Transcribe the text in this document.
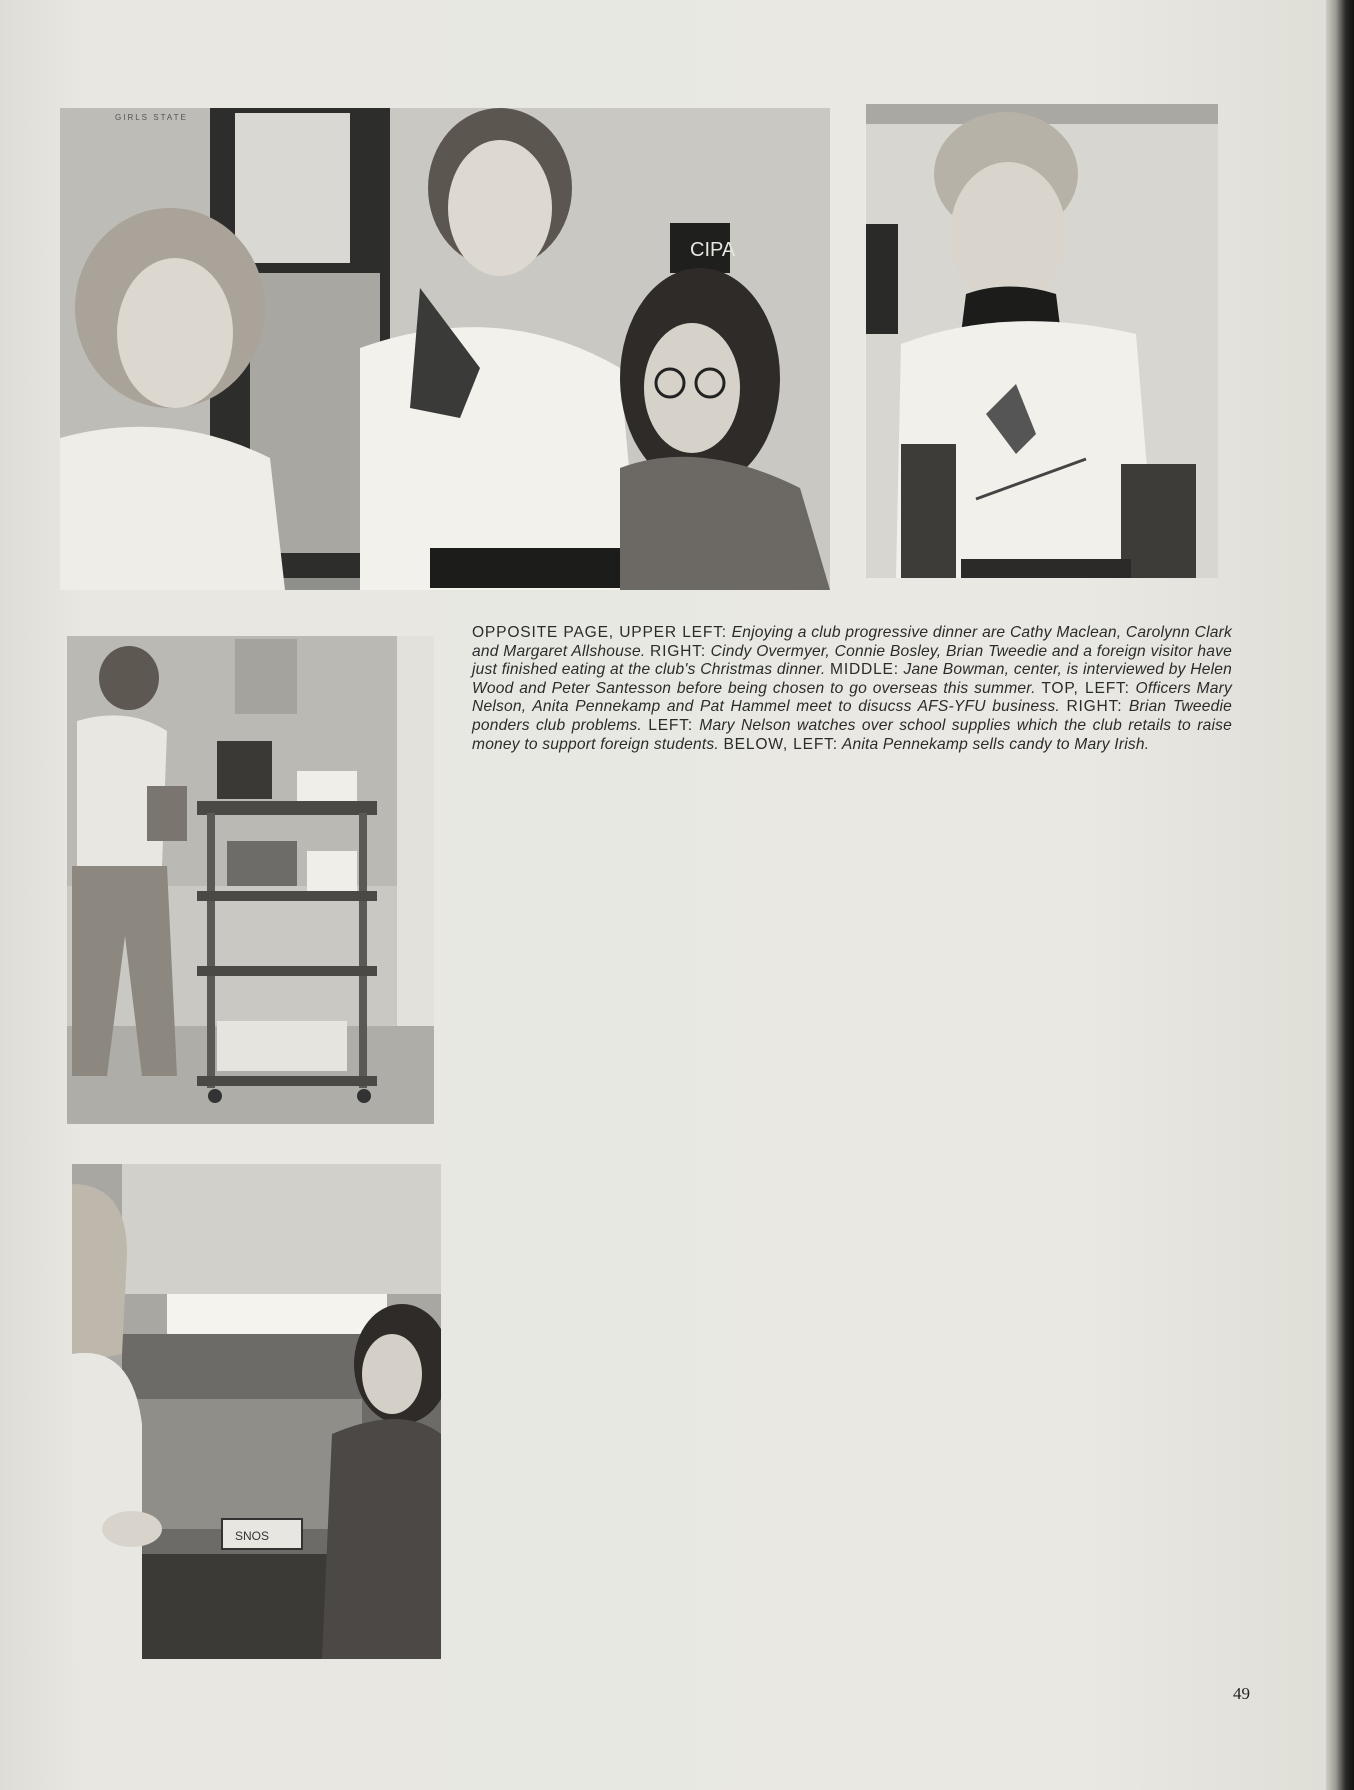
CIPA
GIRLS STATE
SNOS
OPPOSITE PAGE, UPPER LEFT: Enjoying a club progressive dinner are Cathy Maclean, Carolynn Clark and Margaret Allshouse. RIGHT: Cindy Overmyer, Connie Bosley, Brian Tweedie and a foreign visitor have just finished eating at the club's Christmas dinner. MIDDLE: Jane Bowman, center, is interviewed by Helen Wood and Peter Santesson before being chosen to go overseas this summer. TOP, LEFT: Officers Mary Nelson, Anita Pennekamp and Pat Hammel meet to disucss AFS-YFU business. RIGHT: Brian Tweedie ponders club problems. LEFT: Mary Nelson watches over school supplies which the club retails to raise money to support foreign students. BELOW, LEFT: Anita Pennekamp sells candy to Mary Irish.
49
